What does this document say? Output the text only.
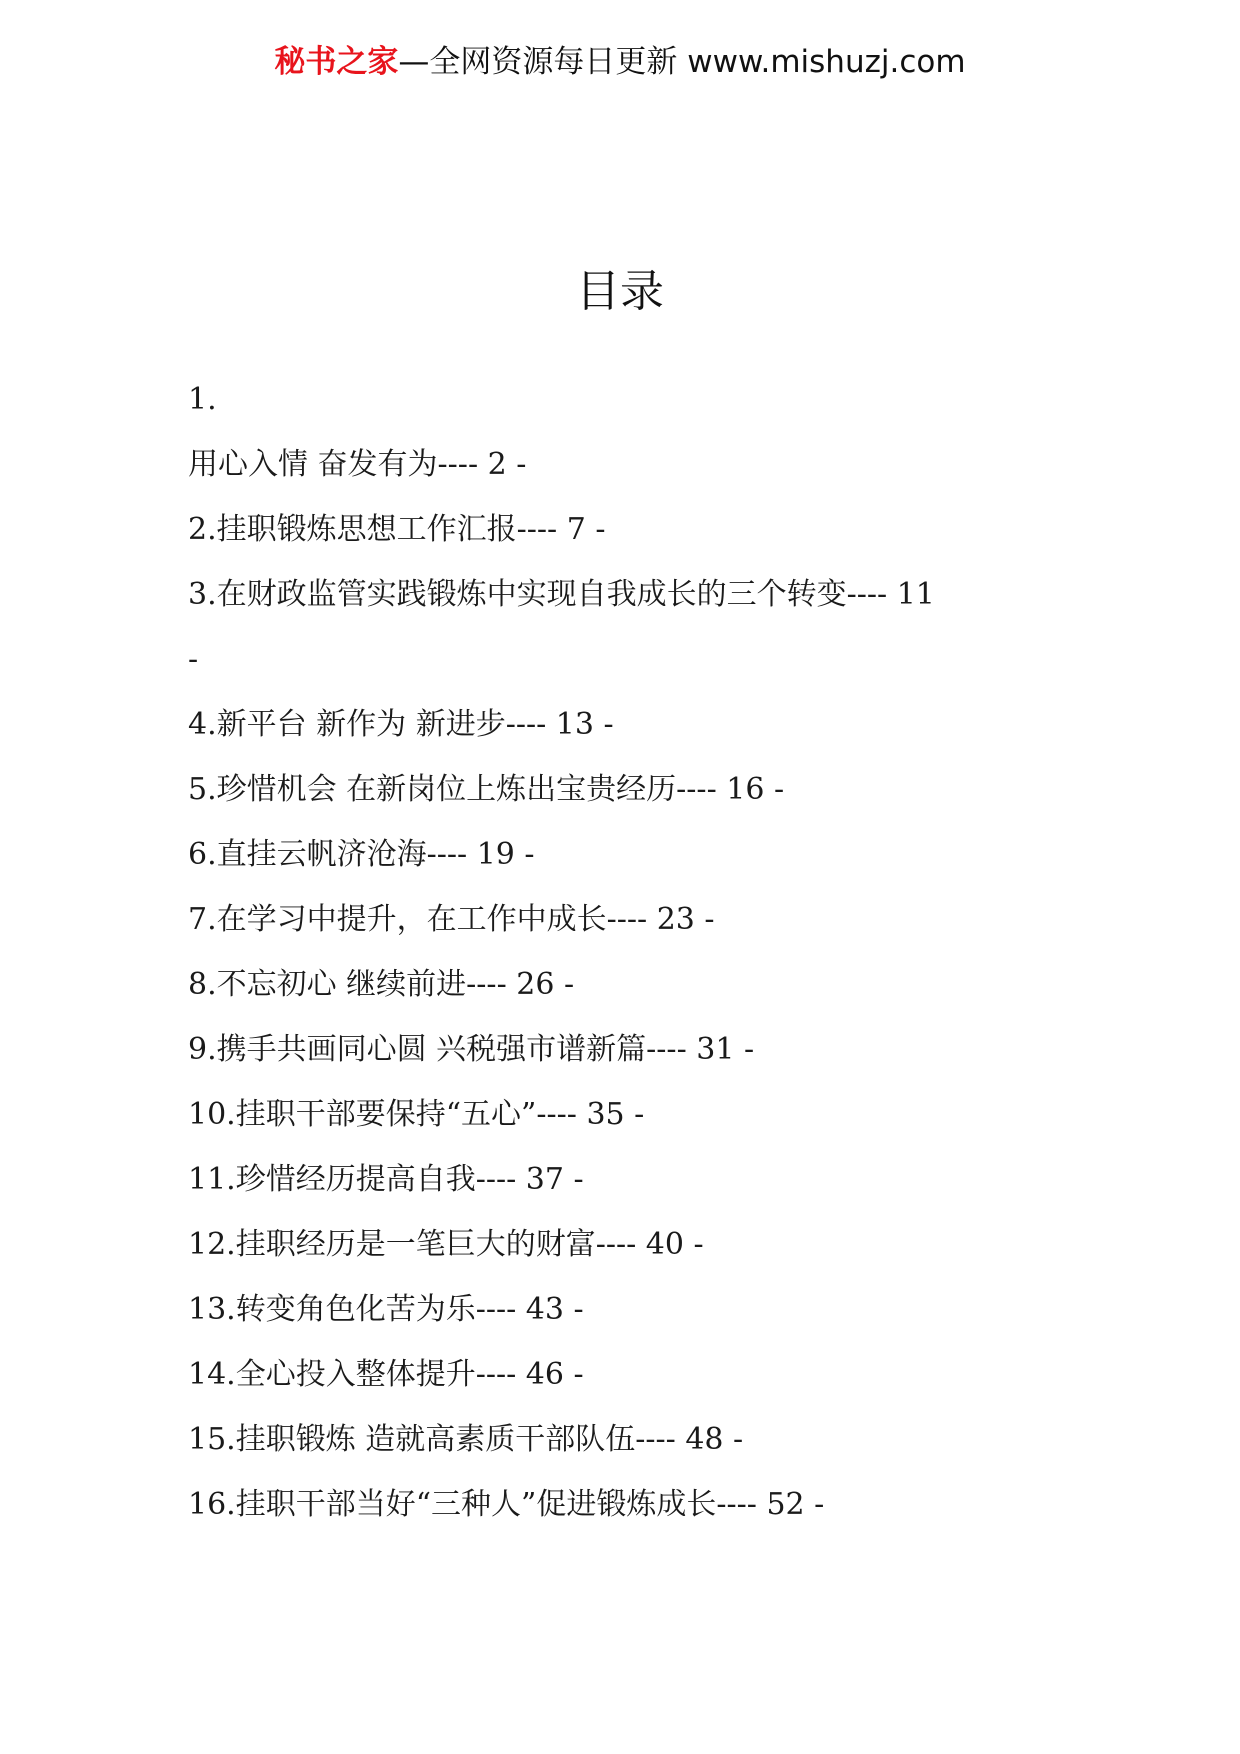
秘书之家—全网资源每日更新 www.mishuzj.com
目录
1.
用心入情 奋发有为---- 2 -
2.挂职锻炼思想工作汇报---- 7 -
3.在财政监管实践锻炼中实现自我成长的三个转变---- 11
-
4.新平台 新作为 新进步---- 13 -
5.珍惜机会 在新岗位上炼出宝贵经历---- 16 -
6.直挂云帆济沧海---- 19 -
7.在学习中提升，在工作中成长---- 23 -
8.不忘初心 继续前进---- 26 -
9.携手共画同心圆 兴税强市谱新篇---- 31 -
10.挂职干部要保持“五心”---- 35 -
11.珍惜经历提高自我---- 37 -
12.挂职经历是一笔巨大的财富---- 40 -
13.转变角色化苦为乐---- 43 -
14.全心投入整体提升---- 46 -
15.挂职锻炼 造就高素质干部队伍---- 48 -
16.挂职干部当好“三种人”促进锻炼成长---- 52 -
